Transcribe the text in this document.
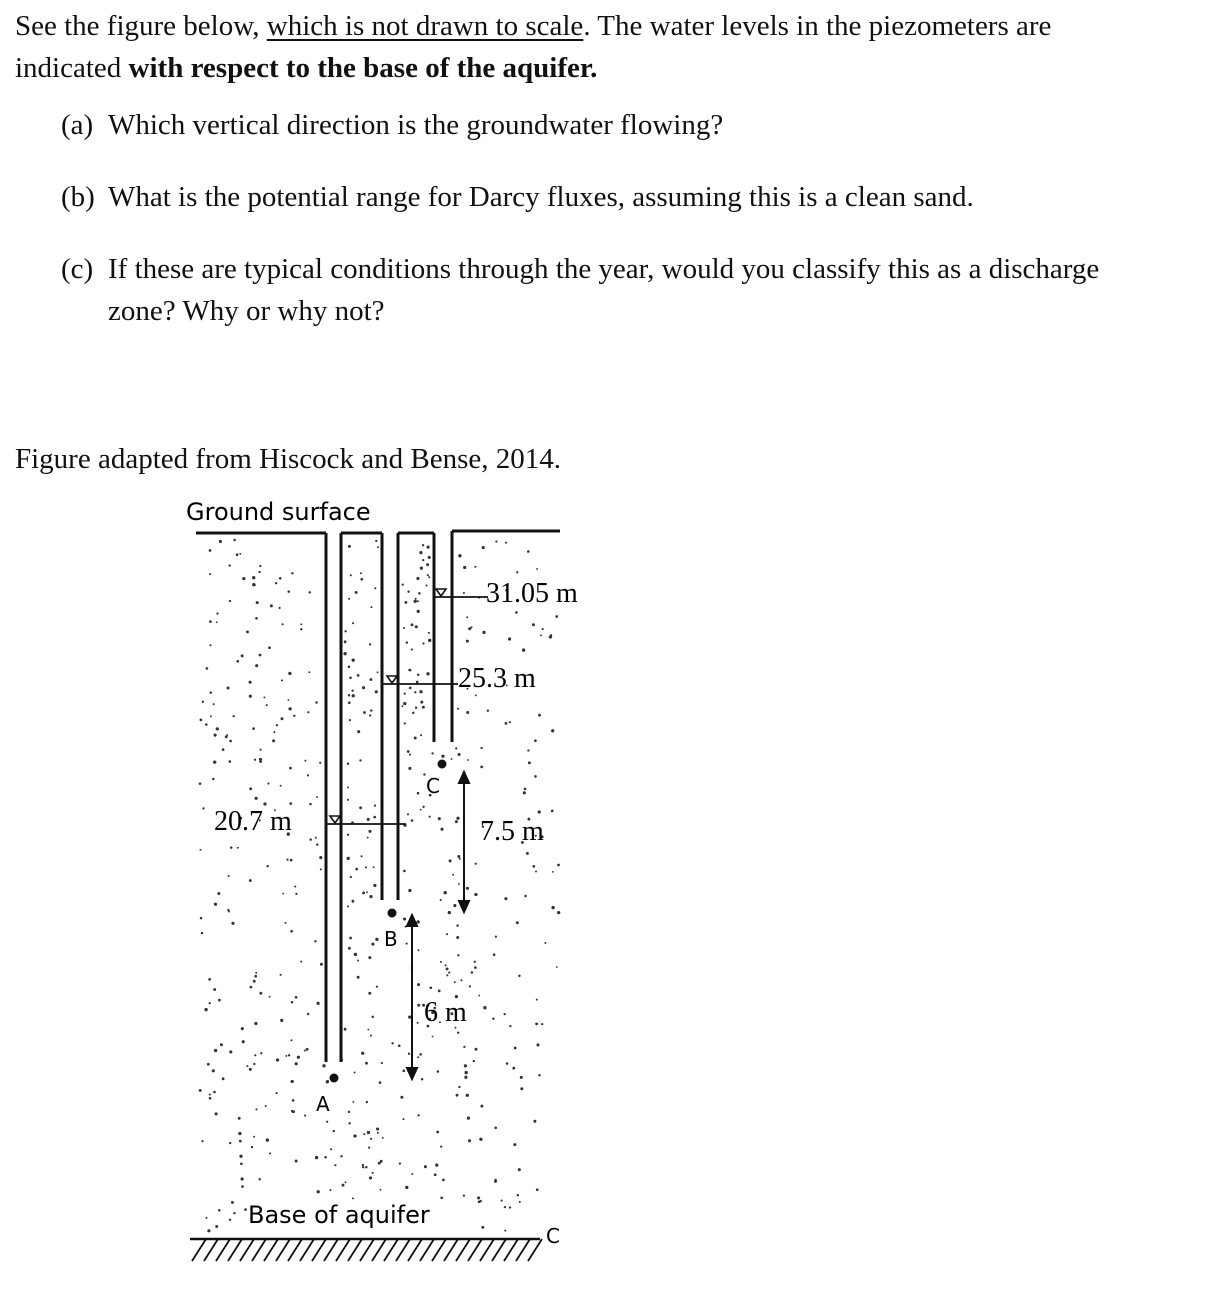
See the figure below, which is not drawn to scale. The water levels in the piezometers are
indicated with respect to the base of the aquifer.
(a) Which vertical direction is the groundwater flowing?
(b) What is the potential range for Darcy fluxes, assuming this is a clean sand.
(c) If these are typical conditions through the year, would you classify this as a discharge
zone? Why or why not?
Figure adapted from Hiscock and Bense, 2014.
Ground surface
31.05 m
25.3 m
20.7 m	7.5 m
6 m
C
B
A
Base of aquifer
C
